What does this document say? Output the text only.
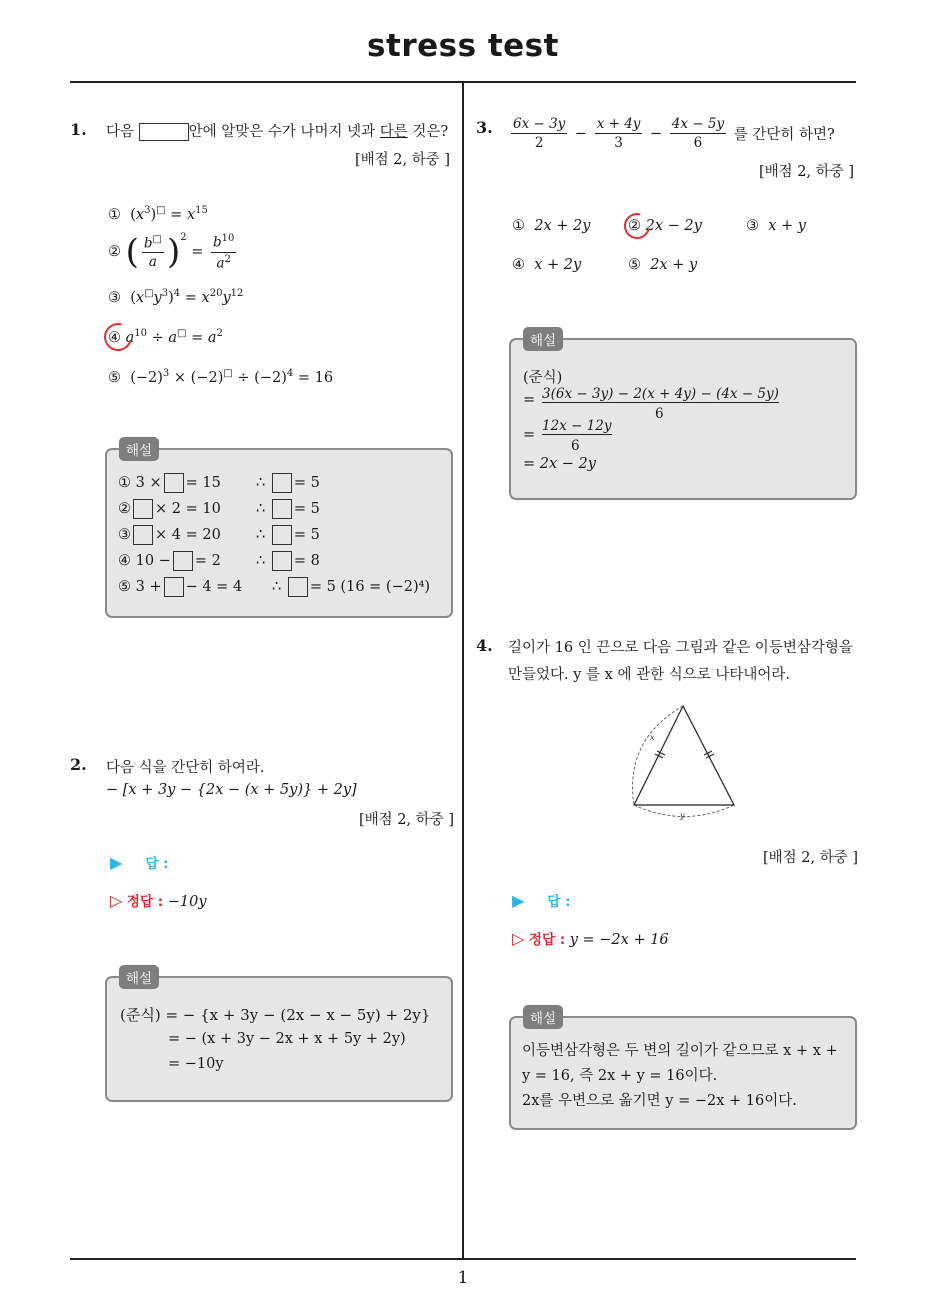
stress test
1
1. 다음	안에 알맞은 수가 나머지 넷과 다른 것은?
[배점 2, 하중 ]
①  $(x^3)^□ = x^{15}$
②
( $\frac{b^□}{a}$ ) 2
= $\frac{b^{10}}{a^2}$
③  $(x^□y^3)^4 = x^{20}y^{12}$
④ $a^{10} \div a^□ = a^2$
⑤  $(-2)^3 \times (-2)^□ \div (-2)^4 = 16$
해설
① 3 × = 15 ∴ = 5
② × 2 = 10 ∴ = 5
③ × 4 = 20 ∴ = 5
④ 10 − = 2 ∴ = 8
⑤ 3 + − 4 = 4 ∴ = 5 (16 = (−2)⁴)
2. 다음 식을 간단히 하여라.
− [x + 3y − {2x − (x + 5y)} + 2y]
[배점 2, 하중 ]
▶ 답 :
▷ 정답 : −10y
해설
(준식) = − {x + 3y − (2x − x − 5y) + 2y}
= − (x + 3y − 2x + x + 5y + 2y)
= −10y
3. $\frac{6x - 3y}{2} - \frac{x + 4y}{3} - \frac{4x - 5y}{6}$
를 간단히 하면?
[배점 2, 하중 ]
① 2x + 2y	② 2x − 2y	③ x + y
④ x + 2y	⑤ 2x + y
해설
(준식)
= 3(6x − 3y) − 2(x + 4y) − (4x − 5y)
6
=
12x − 12y
6
= 2x − 2y
4. 길이가 16 인 끈으로 다음 그림과 같은 이등변삼각형을
만들었다. y 를 x 에 관한 식으로 나타내어라.
x
y
[배점 2, 하중 ]
▶ 답 :
▷ 정답 : y = −2x + 16
해설
이등변삼각형은 두 변의 길이가 같으므로 x + x +
y = 16, 즉 2x + y = 16이다.
2x를 우변으로 옮기면 y = −2x + 16이다.
